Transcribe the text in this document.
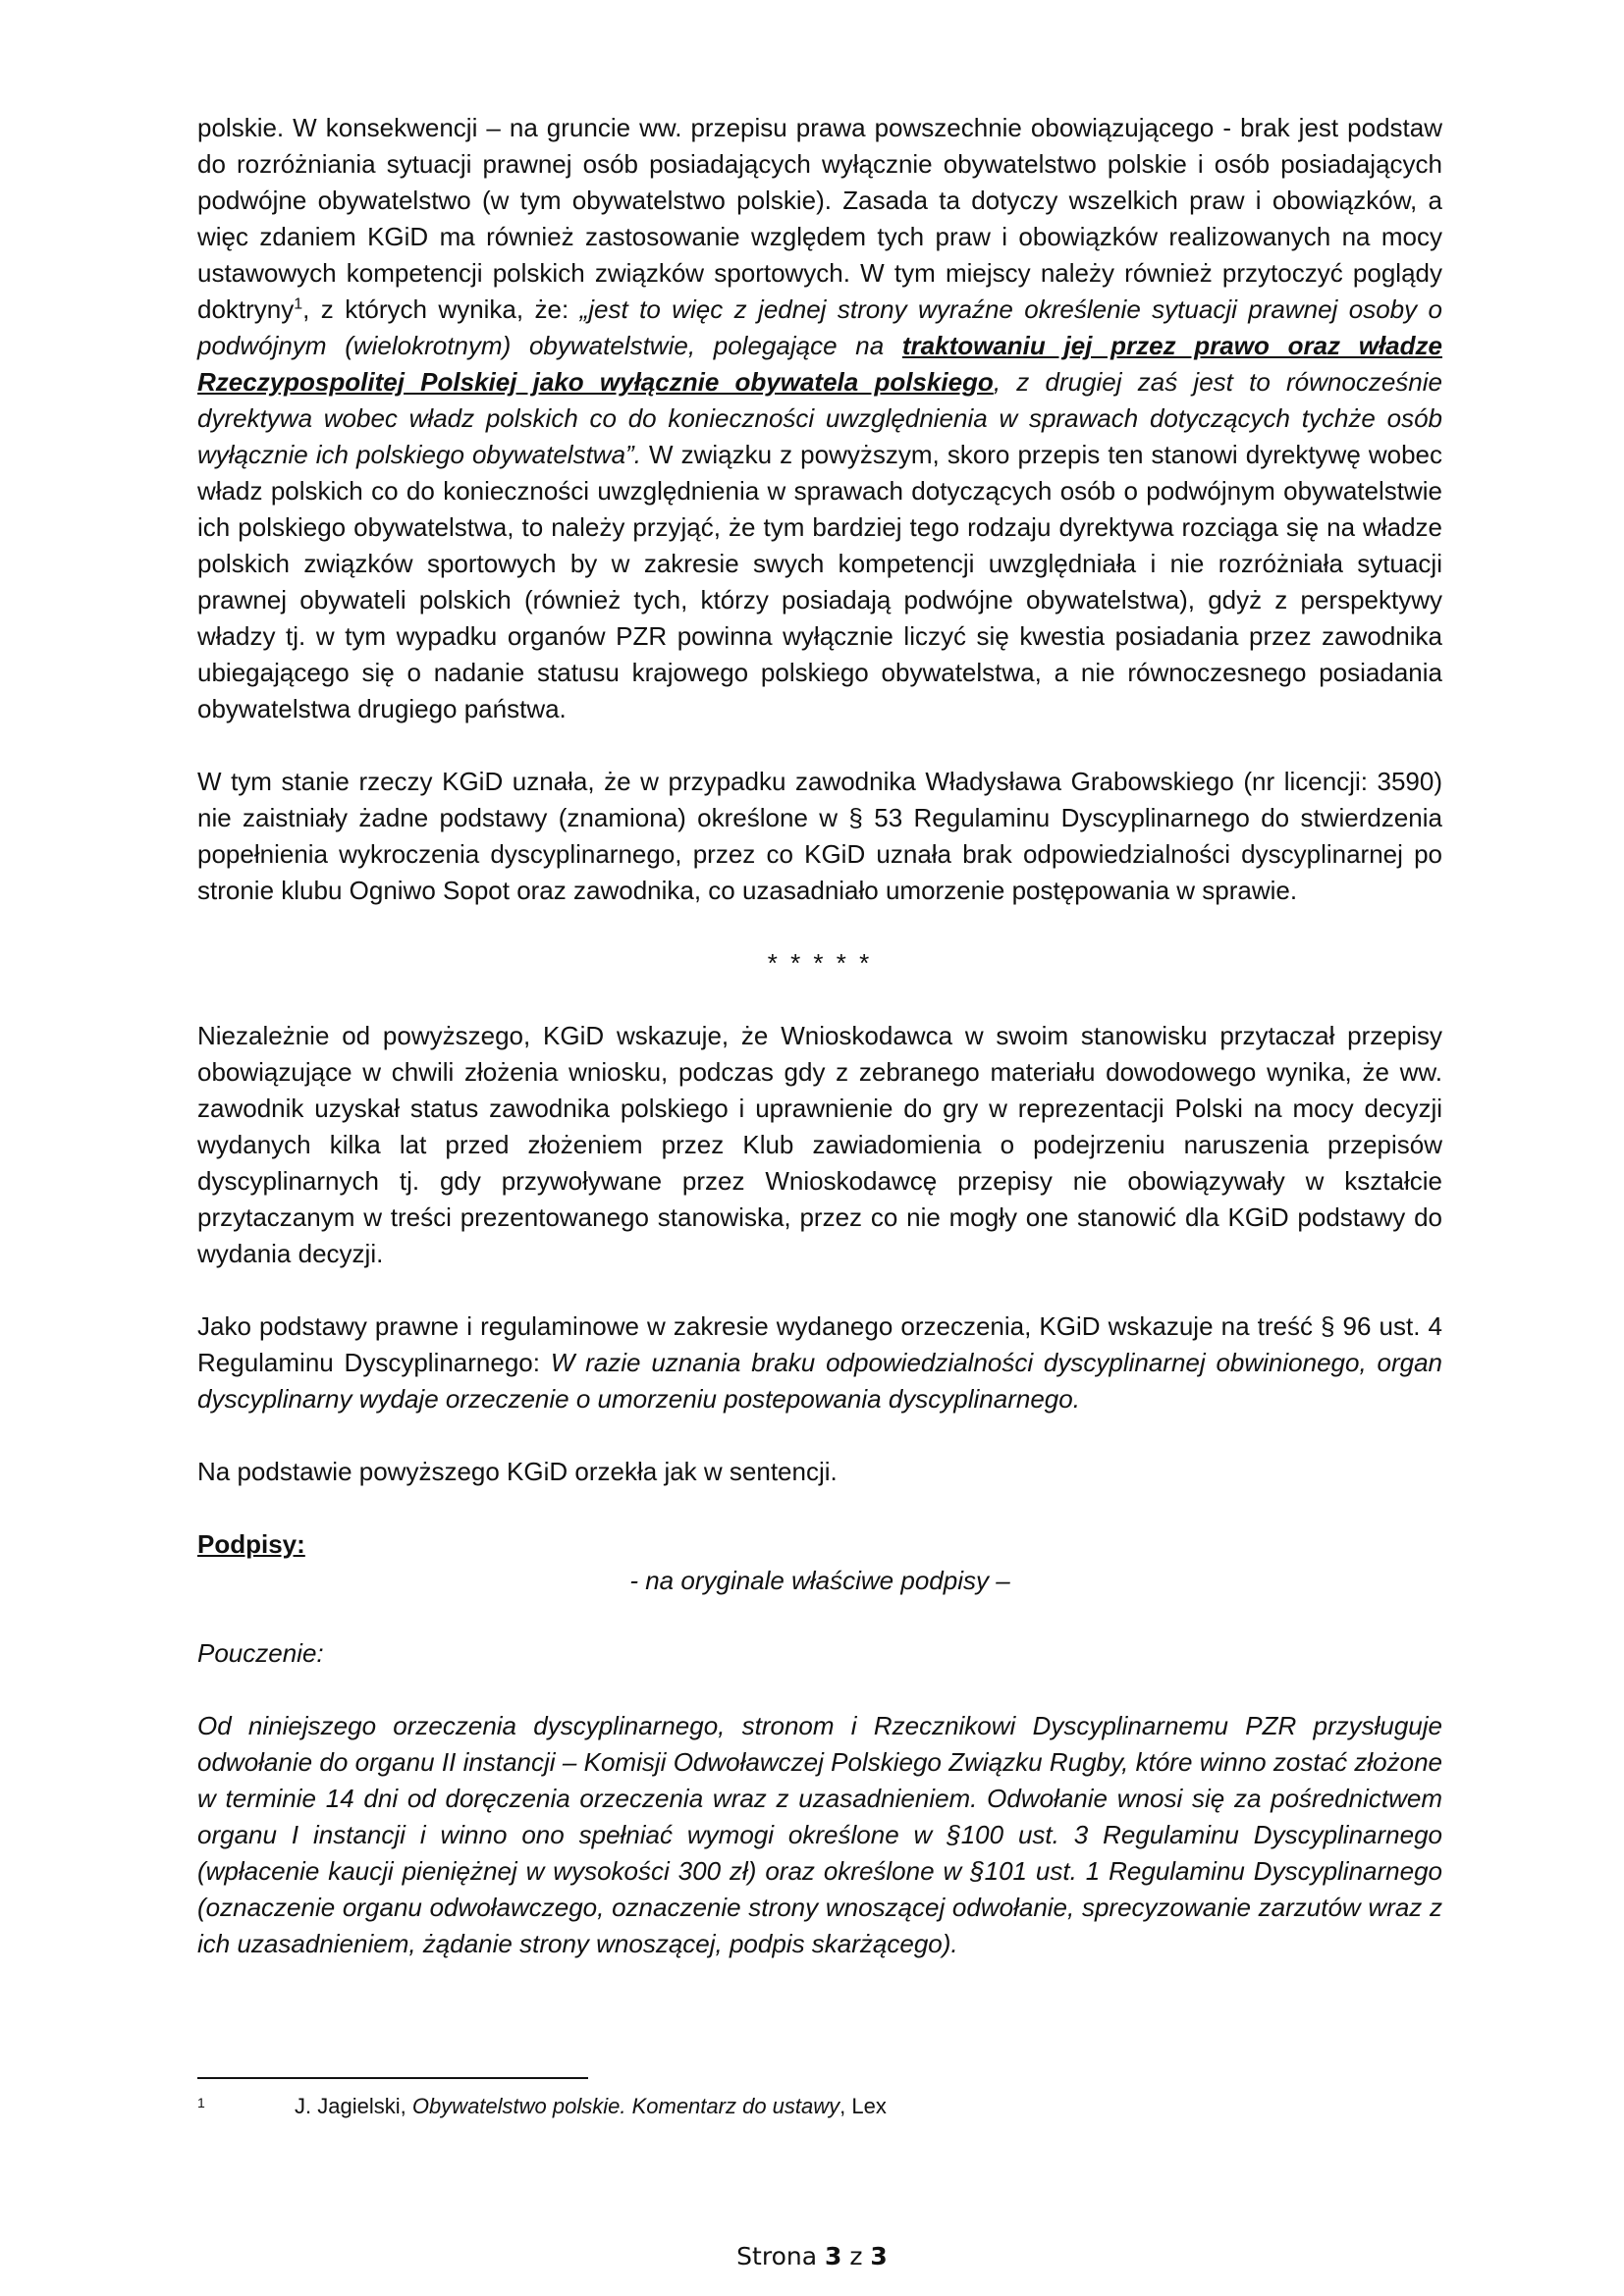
polskie. W konsekwencji – na gruncie ww. przepisu prawa powszechnie obowiązującego - brak jest podstaw do rozróżniania sytuacji prawnej osób posiadających wyłącznie obywatelstwo polskie i osób posiadających podwójne obywatelstwo (w tym obywatelstwo polskie). Zasada ta dotyczy wszelkich praw i obowiązków, a więc zdaniem KGiD ma również zastosowanie względem tych praw i obowiązków realizowanych na mocy ustawowych kompetencji polskich związków sportowych. W tym miejscy należy również przytoczyć poglądy doktryny$^1$, z których wynika, że: „jest to więc z jednej strony wyraźne określenie sytuacji prawnej osoby o podwójnym (wielokrotnym) obywatelstwie, polegające na traktowaniu jej przez prawo oraz władze Rzeczypospolitej Polskiej jako wyłącznie obywatela polskiego, z drugiej zaś jest to równocześnie dyrektywa wobec władz polskich co do konieczności uwzględnienia w sprawach dotyczących tychże osób wyłącznie ich polskiego obywatelstwa”. W związku z powyższym, skoro przepis ten stanowi dyrektywę wobec władz polskich co do konieczności uwzględnienia w sprawach dotyczących osób o podwójnym obywatelstwie ich polskiego obywatelstwa, to należy przyjąć, że tym bardziej tego rodzaju dyrektywa rozciąga się na władze polskich związków sportowych by w zakresie swych kompetencji uwzględniała i nie rozróżniała sytuacji prawnej obywateli polskich (również tych, którzy posiadają podwójne obywatelstwa), gdyż z perspektywy władzy tj. w tym wypadku organów PZR powinna wyłącznie liczyć się kwestia posiadania przez zawodnika ubiegającego się o nadanie statusu krajowego polskiego obywatelstwa, a nie równoczesnego posiadania obywatelstwa drugiego państwa.

W tym stanie rzeczy KGiD uznała, że w przypadku zawodnika Władysława Grabowskiego (nr licencji: 3590) nie zaistniały żadne podstawy (znamiona) określone w § 53 Regulaminu Dyscyplinarnego do stwierdzenia popełnienia wykroczenia dyscyplinarnego, przez co KGiD uznała brak odpowiedzialności dyscyplinarnej po stronie klubu Ogniwo Sopot oraz zawodnika, co uzasadniało umorzenie postępowania w sprawie.

* * * * *

Niezależnie od powyższego, KGiD wskazuje, że Wnioskodawca w swoim stanowisku przytaczał przepisy obowiązujące w chwili złożenia wniosku, podczas gdy z zebranego materiału dowodowego wynika, że ww. zawodnik uzyskał status zawodnika polskiego i uprawnienie do gry w reprezentacji Polski na mocy decyzji wydanych kilka lat przed złożeniem przez Klub zawiadomienia o podejrzeniu naruszenia przepisów dyscyplinarnych tj. gdy przywoływane przez Wnioskodawcę przepisy nie obowiązywały w kształcie przytaczanym w treści prezentowanego stanowiska, przez co nie mogły one stanowić dla KGiD podstawy do wydania decyzji.

Jako podstawy prawne i regulaminowe w zakresie wydanego orzeczenia, KGiD wskazuje na treść § 96 ust. 4 Regulaminu Dyscyplinarnego: W razie uznania braku odpowiedzialności dyscyplinarnej obwinionego, organ dyscyplinarny wydaje orzeczenie o umorzeniu postepowania dyscyplinarnego.

Na podstawie powyższego KGiD orzekła jak w sentencji.

Podpisy:

- na oryginale właściwe podpisy –

Pouczenie:

Od niniejszego orzeczenia dyscyplinarnego, stronom i Rzecznikowi Dyscyplinarnemu PZR przysługuje odwołanie do organu II instancji – Komisji Odwoławczej Polskiego Związku Rugby, które winno zostać złożone w terminie 14 dni od doręczenia orzeczenia wraz z uzasadnieniem. Odwołanie wnosi się za pośrednictwem organu I instancji i winno ono spełniać wymogi określone w §100 ust. 3 Regulaminu Dyscyplinarnego (wpłacenie kaucji pieniężnej w wysokości 300 zł) oraz określone w §101 ust. 1 Regulaminu Dyscyplinarnego (oznaczenie organu odwoławczego, oznaczenie strony wnoszącej odwołanie, sprecyzowanie zarzutów wraz z ich uzasadnieniem, żądanie strony wnoszącej, podpis skarżącego).

1	J. Jagielski, Obywatelstwo polskie. Komentarz do ustawy, Lex
Strona 3 z 3
